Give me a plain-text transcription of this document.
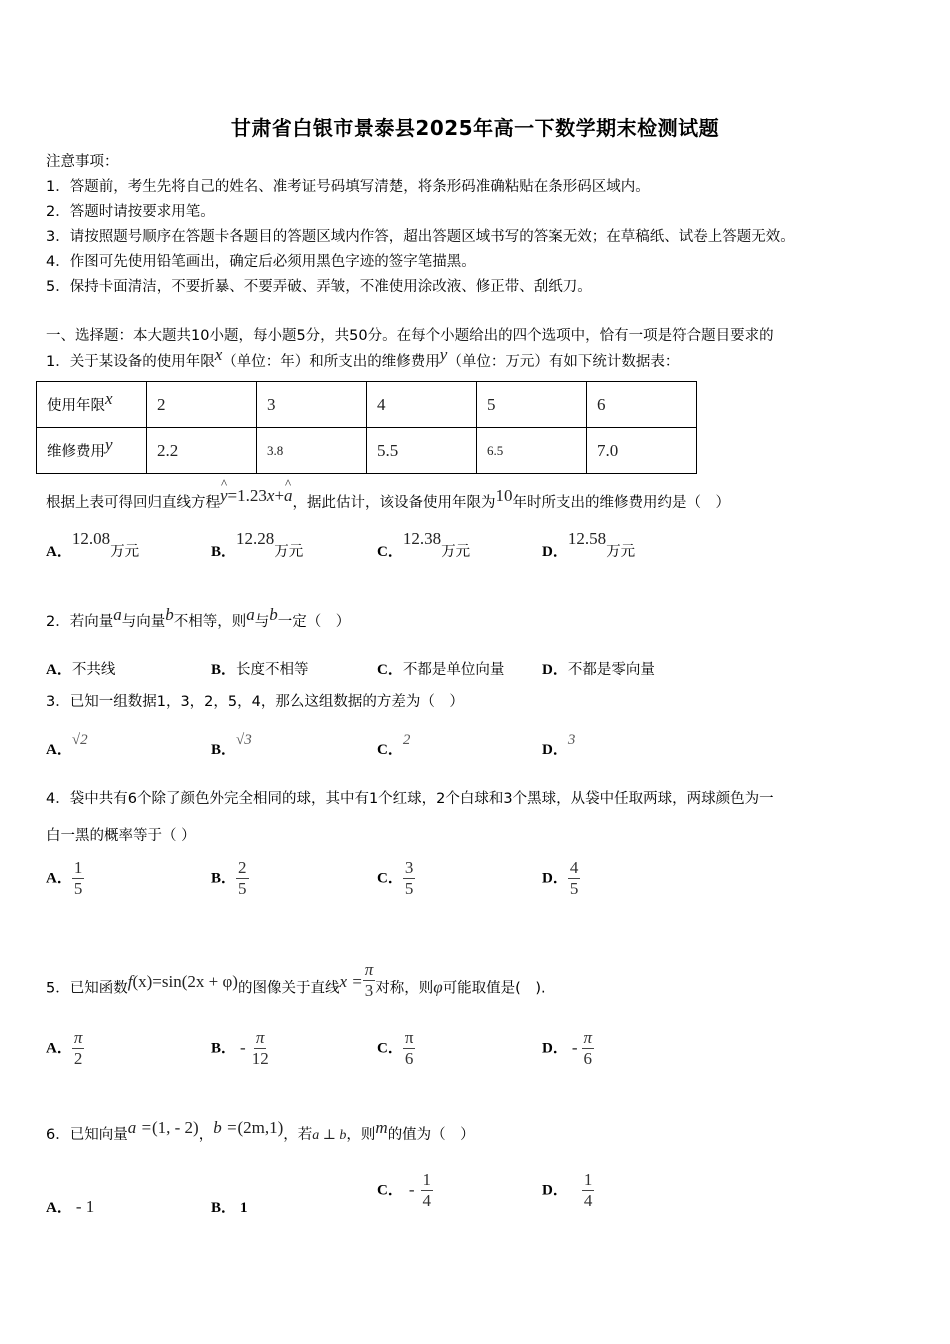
甘肃省白银市景泰县2025年高一下数学期末检测试题
注意事项：
1．答题前，考生先将自己的姓名、准考证号码填写清楚，将条形码准确粘贴在条形码区域内。
2．答题时请按要求用笔。
3．请按照题号顺序在答题卡各题目的答题区域内作答，超出答题区域书写的答案无效；在草稿纸、试卷上答题无效。
4．作图可先使用铅笔画出，确定后必须用黑色字迹的签字笔描黑。
5．保持卡面清洁，不要折暴、不要弄破、弄皱，不准使用涂改液、修正带、刮纸刀。
一、选择题：本大题共10小题，每小题5分，共50分。在每个小题给出的四个选项中，恰有一项是符合题目要求的
1．关于某设备的使用年限x（单位：年）和所支出的维修费用y（单位：万元）有如下统计数据表：
使用年限x	2	3	4	5	6
维修费用y	2.2	3.8	5.5	6.5	7.0
根据上表可得回归直线方程^ y=1.23x+^ a，据此估计，该设备使用年限为10年时所支出的维修费用约是（　）
A．12.08万元	B．12.28万元	C．12.38万元	D．12.58万元
2．若向量a与向量b不相等，则a与b一定（　）
A．不共线	B．长度不相等	C．不都是单位向量	D．不都是零向量
3．已知一组数据1，3，2，5，4，那么这组数据的方差为（　）
A．√2
B．√3
C．2
D．3
4．袋中共有6个除了颜色外完全相同的球，其中有1个红球，2个白球和3个黑球，从袋中任取两球，两球颜色为一
白一黑的概率等于（ ）
A． $\frac{1}{5}$	B． $\frac{2}{5}$	C． $\frac{3}{5}$	D． $\frac{4}{5}$
5．已知函数f(x)=sin(2x + φ)的图像关于直线$x = \frac{\pi}{3}$ 对称，则φ可能取值是(　).
A． $\frac{\pi}{2}$	B． - $\frac{\pi}{12}$	C． $\frac{\pi}{6}$	D． - $\frac{\pi}{6}$
6．已知向量a =(1, - 2)，b =(2m,1)，若a ⊥ b，则m的值为（　）
A． - 1	B． 1
C． - $\frac{1}{4}$	D． $\frac{1}{4}$
